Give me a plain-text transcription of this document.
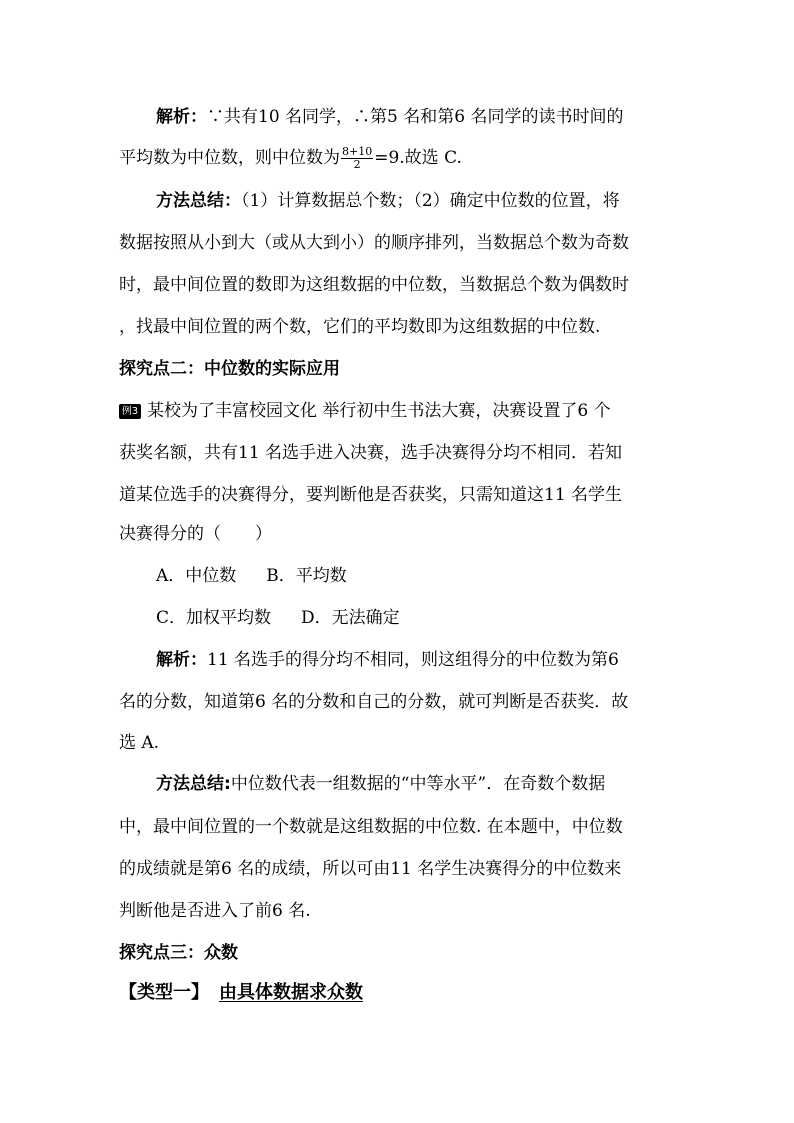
解析：∵共有10 名同学，∴第5 名和第6 名同学的读书时间的
平均数为中位数，则中位数为 $\frac{8+10}{2} =9$.故选 C.
方法总结：（1）计算数据总个数；（2）确定中位数的位置，将
数据按照从小到大（或从大到小）的顺序排列，当数据总个数为奇数
时，最中间位置的数即为这组数据的中位数，当数据总个数为偶数时
，找最中间位置的两个数，它们的平均数即为这组数据的中位数.
探究点二：中位数的实际应用
例3 某校为了丰富校园文化 举行初中生书法大赛，决赛设置了6 个
获奖名额，共有11 名选手进入决赛，选手决赛得分均不相同．若知
道某位选手的决赛得分，要判断他是否获奖，只需知道这11 名学生
决赛得分的（　　）
A．中位数 B．平均数
C．加权平均数 D．无法确定
解析：11 名选手的得分均不相同，则这组得分的中位数为第6
名的分数，知道第6 名的分数和自己的分数，就可判断是否获奖．故
选 A.
方法总结:中位数代表一组数据的“中等水平”．在奇数个数据
中，最中间位置的一个数就是这组数据的中位数. 在本题中，中位数
的成绩就是第6 名的成绩，所以可由11 名学生决赛得分的中位数来
判断他是否进入了前6 名.
探究点三：众数
【类型一】 由具体数据求众数
